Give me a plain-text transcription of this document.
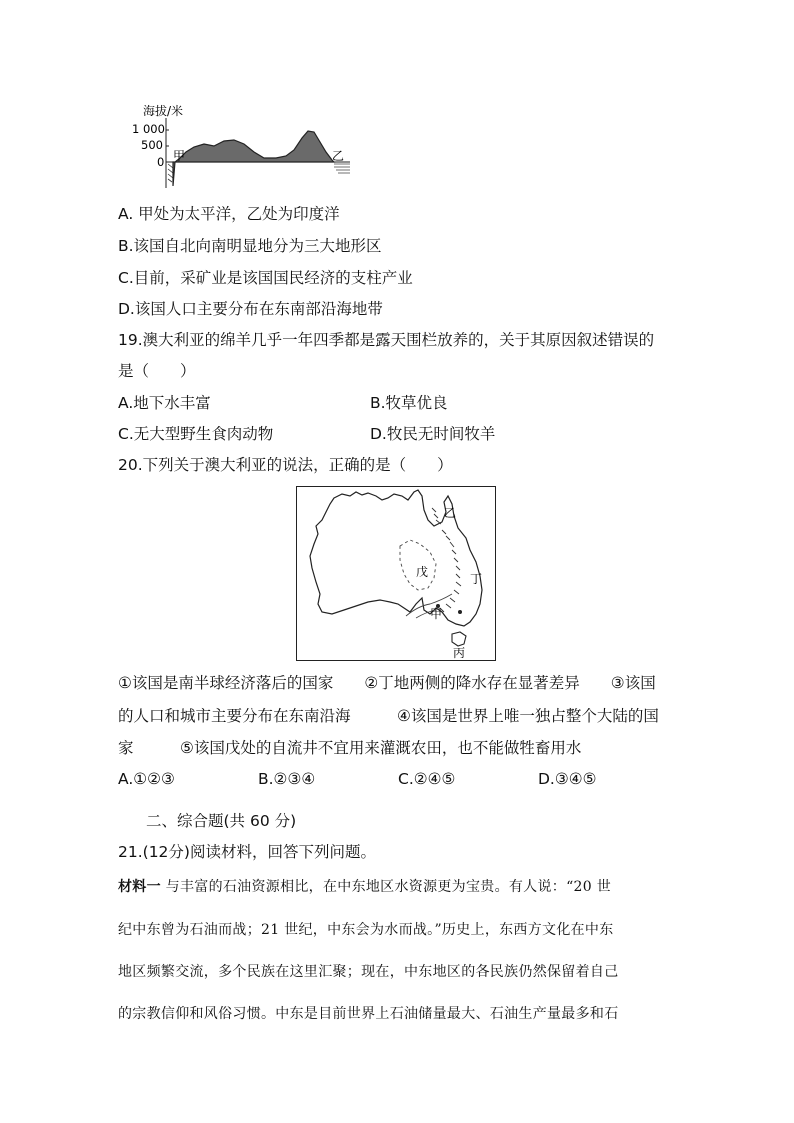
海拔/米
1 000
500
0 甲	乙
A. 甲处为太平洋，乙处为印度洋
B.该国自北向南明显地分为三大地形区
C.目前，采矿业是该国国民经济的支柱产业
D.该国人口主要分布在东南部沿海地带
19.澳大利亚的绵羊几乎一年四季都是露天围栏放养的，关于其原因叙述错误的
是（　　）
A.地下水丰富	B.牧草优良
C.无大型野生食肉动物	D.牧民无时间牧羊
20.下列关于澳大利亚的说法，正确的是（　　）
乙
戊	丁
甲
丙
①该国是南半球经济落后的国家　　②丁地两侧的降水存在显著差异　　③该国
的人口和城市主要分布在东南沿海　　　④该国是世界上唯一独占整个大陆的国
家　　　⑤该国戊处的自流井不宜用来灌溉农田，也不能做牲畜用水
A.①②③	B.②③④	C.②④⑤	D.③④⑤
二、综合题(共 60 分)
21.(12分)阅读材料，回答下列问题。
材料一 与丰富的石油资源相比，在中东地区水资源更为宝贵。有人说：“20 世
纪中东曾为石油而战；21 世纪，中东会为水而战。”历史上，东西方文化在中东
地区频繁交流，多个民族在这里汇聚；现在，中东地区的各民族仍然保留着自己
的宗教信仰和风俗习惯。中东是目前世界上石油储量最大、石油生产量最多和石
